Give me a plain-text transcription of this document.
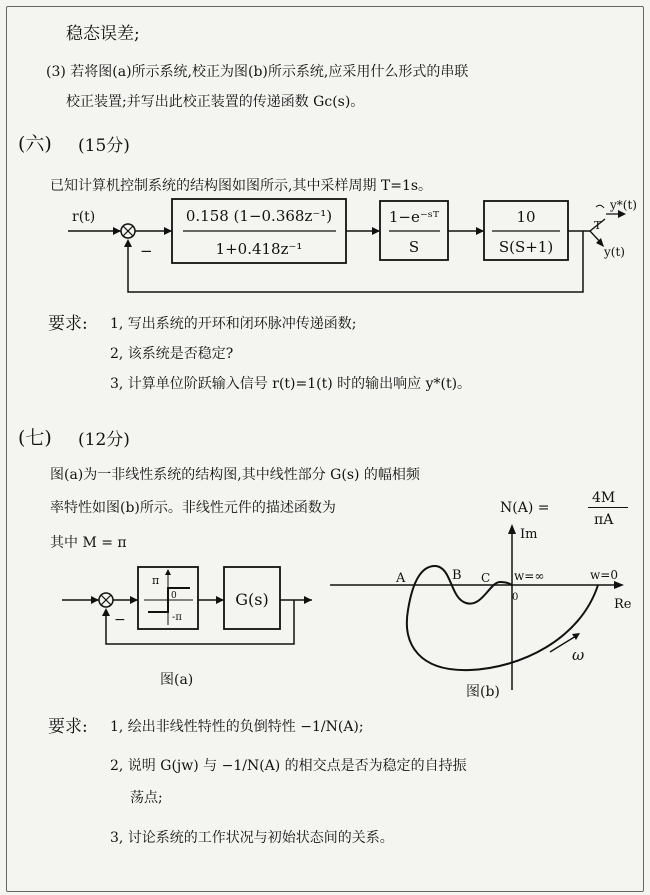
稳态误差;
(3) 若将图(a)所示系统,校正为图(b)所示系统,应采用什么形式的串联
校正装置;并写出此校正装置的传递函数 Gc(s)。
(六) (15分)
已知计算机控制系统的结构图如图所示,其中采样周期 T=1s。
0.158 (1−0.368z⁻¹)
1+0.418z⁻¹
1−e⁻ˢᵀ
S
10
S(S+1)
T
y*(t)
y(t)
−
r(t)
要求: 1, 写出系统的开环和闭环脉冲传递函数;
2, 该系统是否稳定?
3, 计算单位阶跃输入信号 r(t)=1(t) 时的输出响应 y*(t)。
(七) (12分)
图(a)为一非线性系统的结构图,其中线性部分 G(s) 的幅相频
率特性如图(b)所示。非线性元件的描述函数为	N(A) =
4M
πA
其中 M = π
π
-π
0	G(s)
−
图(a)
Im
Re
ω
A	B C w=∞	w=0
0
图(b)
要求: 1, 绘出非线性特性的负倒特性 −1/N(A);
2, 说明 G(jw) 与 −1/N(A) 的相交点是否为稳定的自持振
荡点;
3, 讨论系统的工作状况与初始状态间的关系。
